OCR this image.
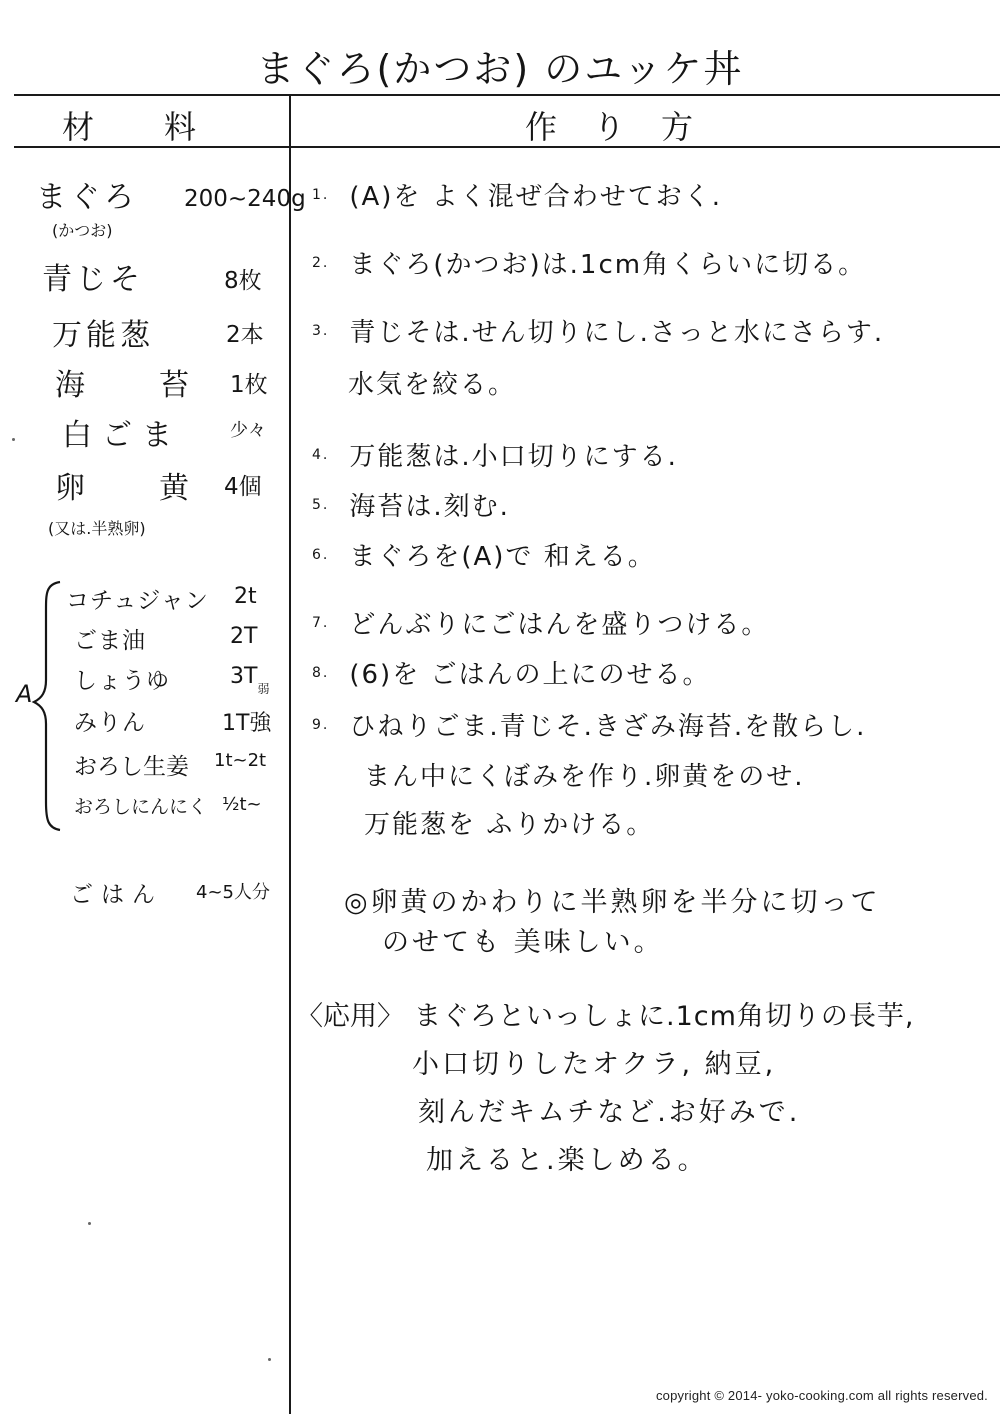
まぐろ(かつお) のユッケ丼
材　　料	作　り　方
まぐろ 200~240g
(かつお)
青じそ	8枚
万能葱	2本
海　苔 1枚
白ごま	少々
卵　黄 4個
(又は.半熟卵)
A
コチュジャン 2t
ごま油	2T
しょうゆ	$3T_弱$
みりん	1T強
おろし生姜 1t~2t
おろしにんにく ½t~
ごはん 4~5人分
1. (A)を よく混ぜ合わせておく.
2. まぐろ(かつお)は.1cm角くらいに切る。
3. 青じそは.せん切りにし.さっと水にさらす.
水気を絞る。
4. 万能葱は.小口切りにする.
5. 海苔は.刻む.
6. まぐろを(A)で 和える。
7. どんぶりにごはんを盛りつける。
8. (6)を ごはんの上にのせる。
9. ひねりごま.青じそ.きざみ海苔.を散らし.
まん中にくぼみを作り.卵黄をのせ.
万能葱を ふりかける。
◎卵黄のかわりに半熟卵を半分に切って
のせても 美味しい。
〈応用〉 まぐろといっしょに.1cm角切りの長芋,
小口切りしたオクラ, 納豆,
刻んだキムチなど.お好みで.
加えると.楽しめる。
copyright © 2014- yoko-cooking.com all rights reserved.
